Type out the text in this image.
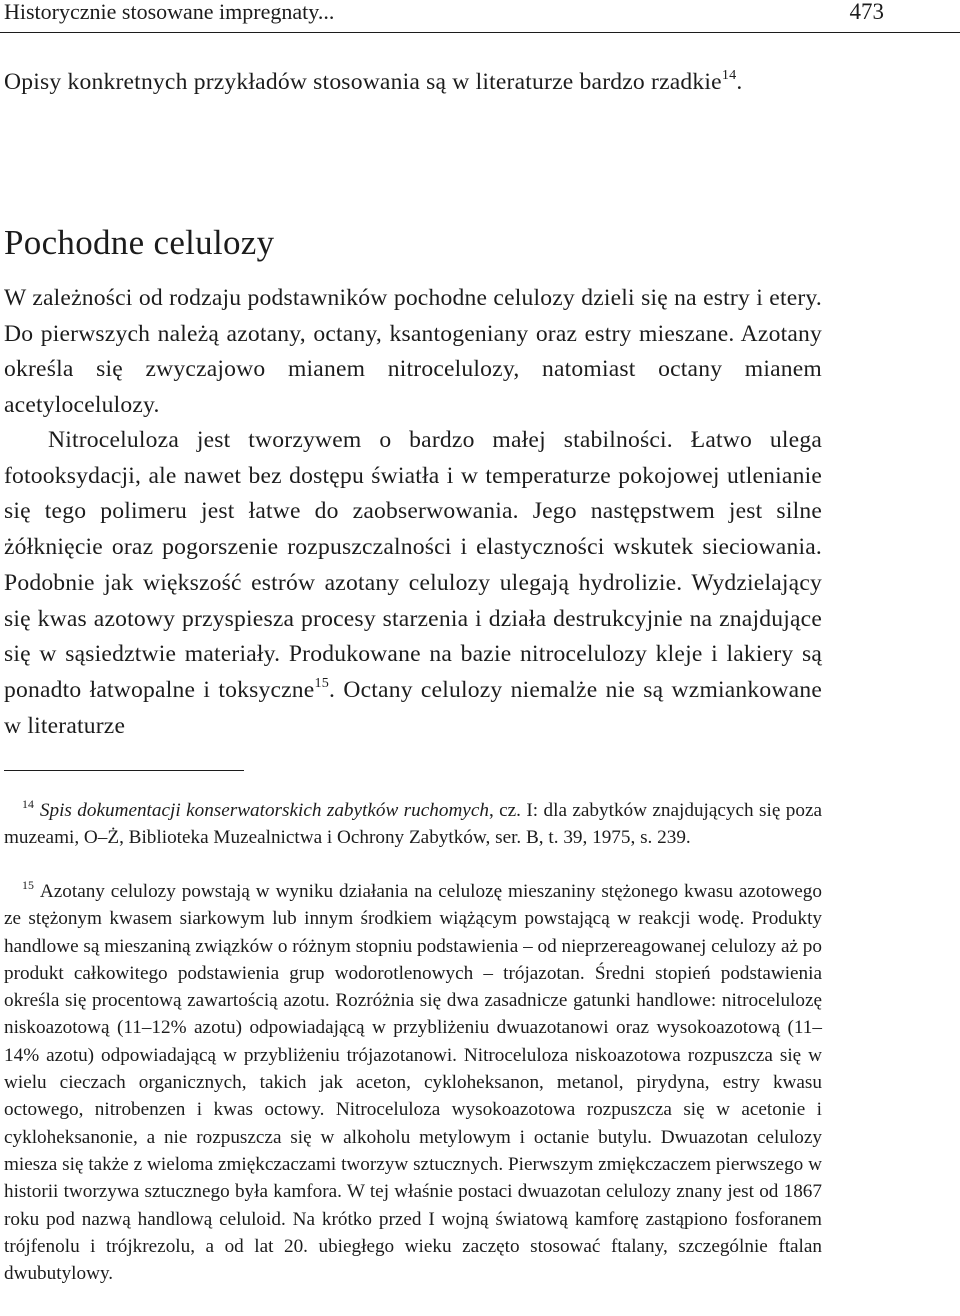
Historycznie stosowane impregnaty...	473

Opisy konkretnych przykładów stosowania są w literaturze bardzo rzadkie$^{14}$.

Pochodne celulozy

W zależności od rodzaju podstawników pochodne celulozy dzieli się na estry i etery. Do pierwszych należą azotany, octany, ksantogeniany oraz estry mieszane. Azotany określa się zwyczajowo mianem nitrocelulozy, natomiast octany mianem acetylocelulozy.

Nitroceluloza jest tworzywem o bardzo małej stabilności. Łatwo ulega fotooksydacji, ale nawet bez dostępu światła i w temperaturze pokojowej utlenianie się tego polimeru jest łatwe do zaobserwowania. Jego następstwem jest silne żółknięcie oraz pogorszenie rozpuszczalności i elastyczności wskutek sieciowania. Podobnie jak większość estrów azotany celulozy ulegają hydrolizie. Wydzielający się kwas azotowy przyspiesza procesy starzenia i działa destrukcyjnie na znajdujące się w sąsiedztwie materiały. Produkowane na bazie nitrocelulozy kleje i lakiery są ponadto łatwopalne i toksyczne$^{15}$. Octany celulozy niemalże nie są wzmiankowane w literaturze

$^{14}$ Spis dokumentacji konserwatorskich zabytków ruchomych, cz. I: dla zabytków znajdujących się poza muzeami, O–Ż, Biblioteka Muzealnictwa i Ochrony Zabytków, ser. B, t. 39, 1975, s. 239.
$^{15}$ Azotany celulozy powstają w wyniku działania na celulozę mieszaniny stężonego kwasu azotowego ze stężonym kwasem siarkowym lub innym środkiem wiążącym powstającą w reakcji wodę. Produkty handlowe są mieszaniną związków o różnym stopniu podstawienia – od nieprzereagowanej celulozy aż po produkt całkowitego podstawienia grup wodorotlenowych – trójazotan. Średni stopień podstawienia określa się procentową zawartością azotu. Rozróżnia się dwa zasadnicze gatunki handlowe: nitrocelulozę niskoazotową (11–12% azotu) odpowiadającą w przybliżeniu dwuazotanowi oraz wysokoazotową (11–14% azotu) odpowiadającą w przybliżeniu trójazotanowi. Nitroceluloza niskoazotowa rozpuszcza się w wielu cieczach organicznych, takich jak aceton, cykloheksanon, metanol, pirydyna, estry kwasu octowego, nitrobenzen i kwas octowy. Nitroceluloza wysokoazotowa rozpuszcza się w acetonie i cykloheksanonie, a nie rozpuszcza się w alkoholu metylowym i octanie butylu. Dwuazotan celulozy miesza się także z wieloma zmiękczaczami tworzyw sztucznych. Pierwszym zmiękczaczem pierwszego w historii tworzywa sztucznego była kamfora. W tej właśnie postaci dwuazotan celulozy znany jest od 1867 roku pod nazwą handlową celuloid. Na krótko przed I wojną światową kamforę zastąpiono fosforanem trójfenolu i trójkrezolu, a od lat 20. ubiegłego wieku zaczęto stosować ftalany, szczególnie ftalan dwubutylowy.
